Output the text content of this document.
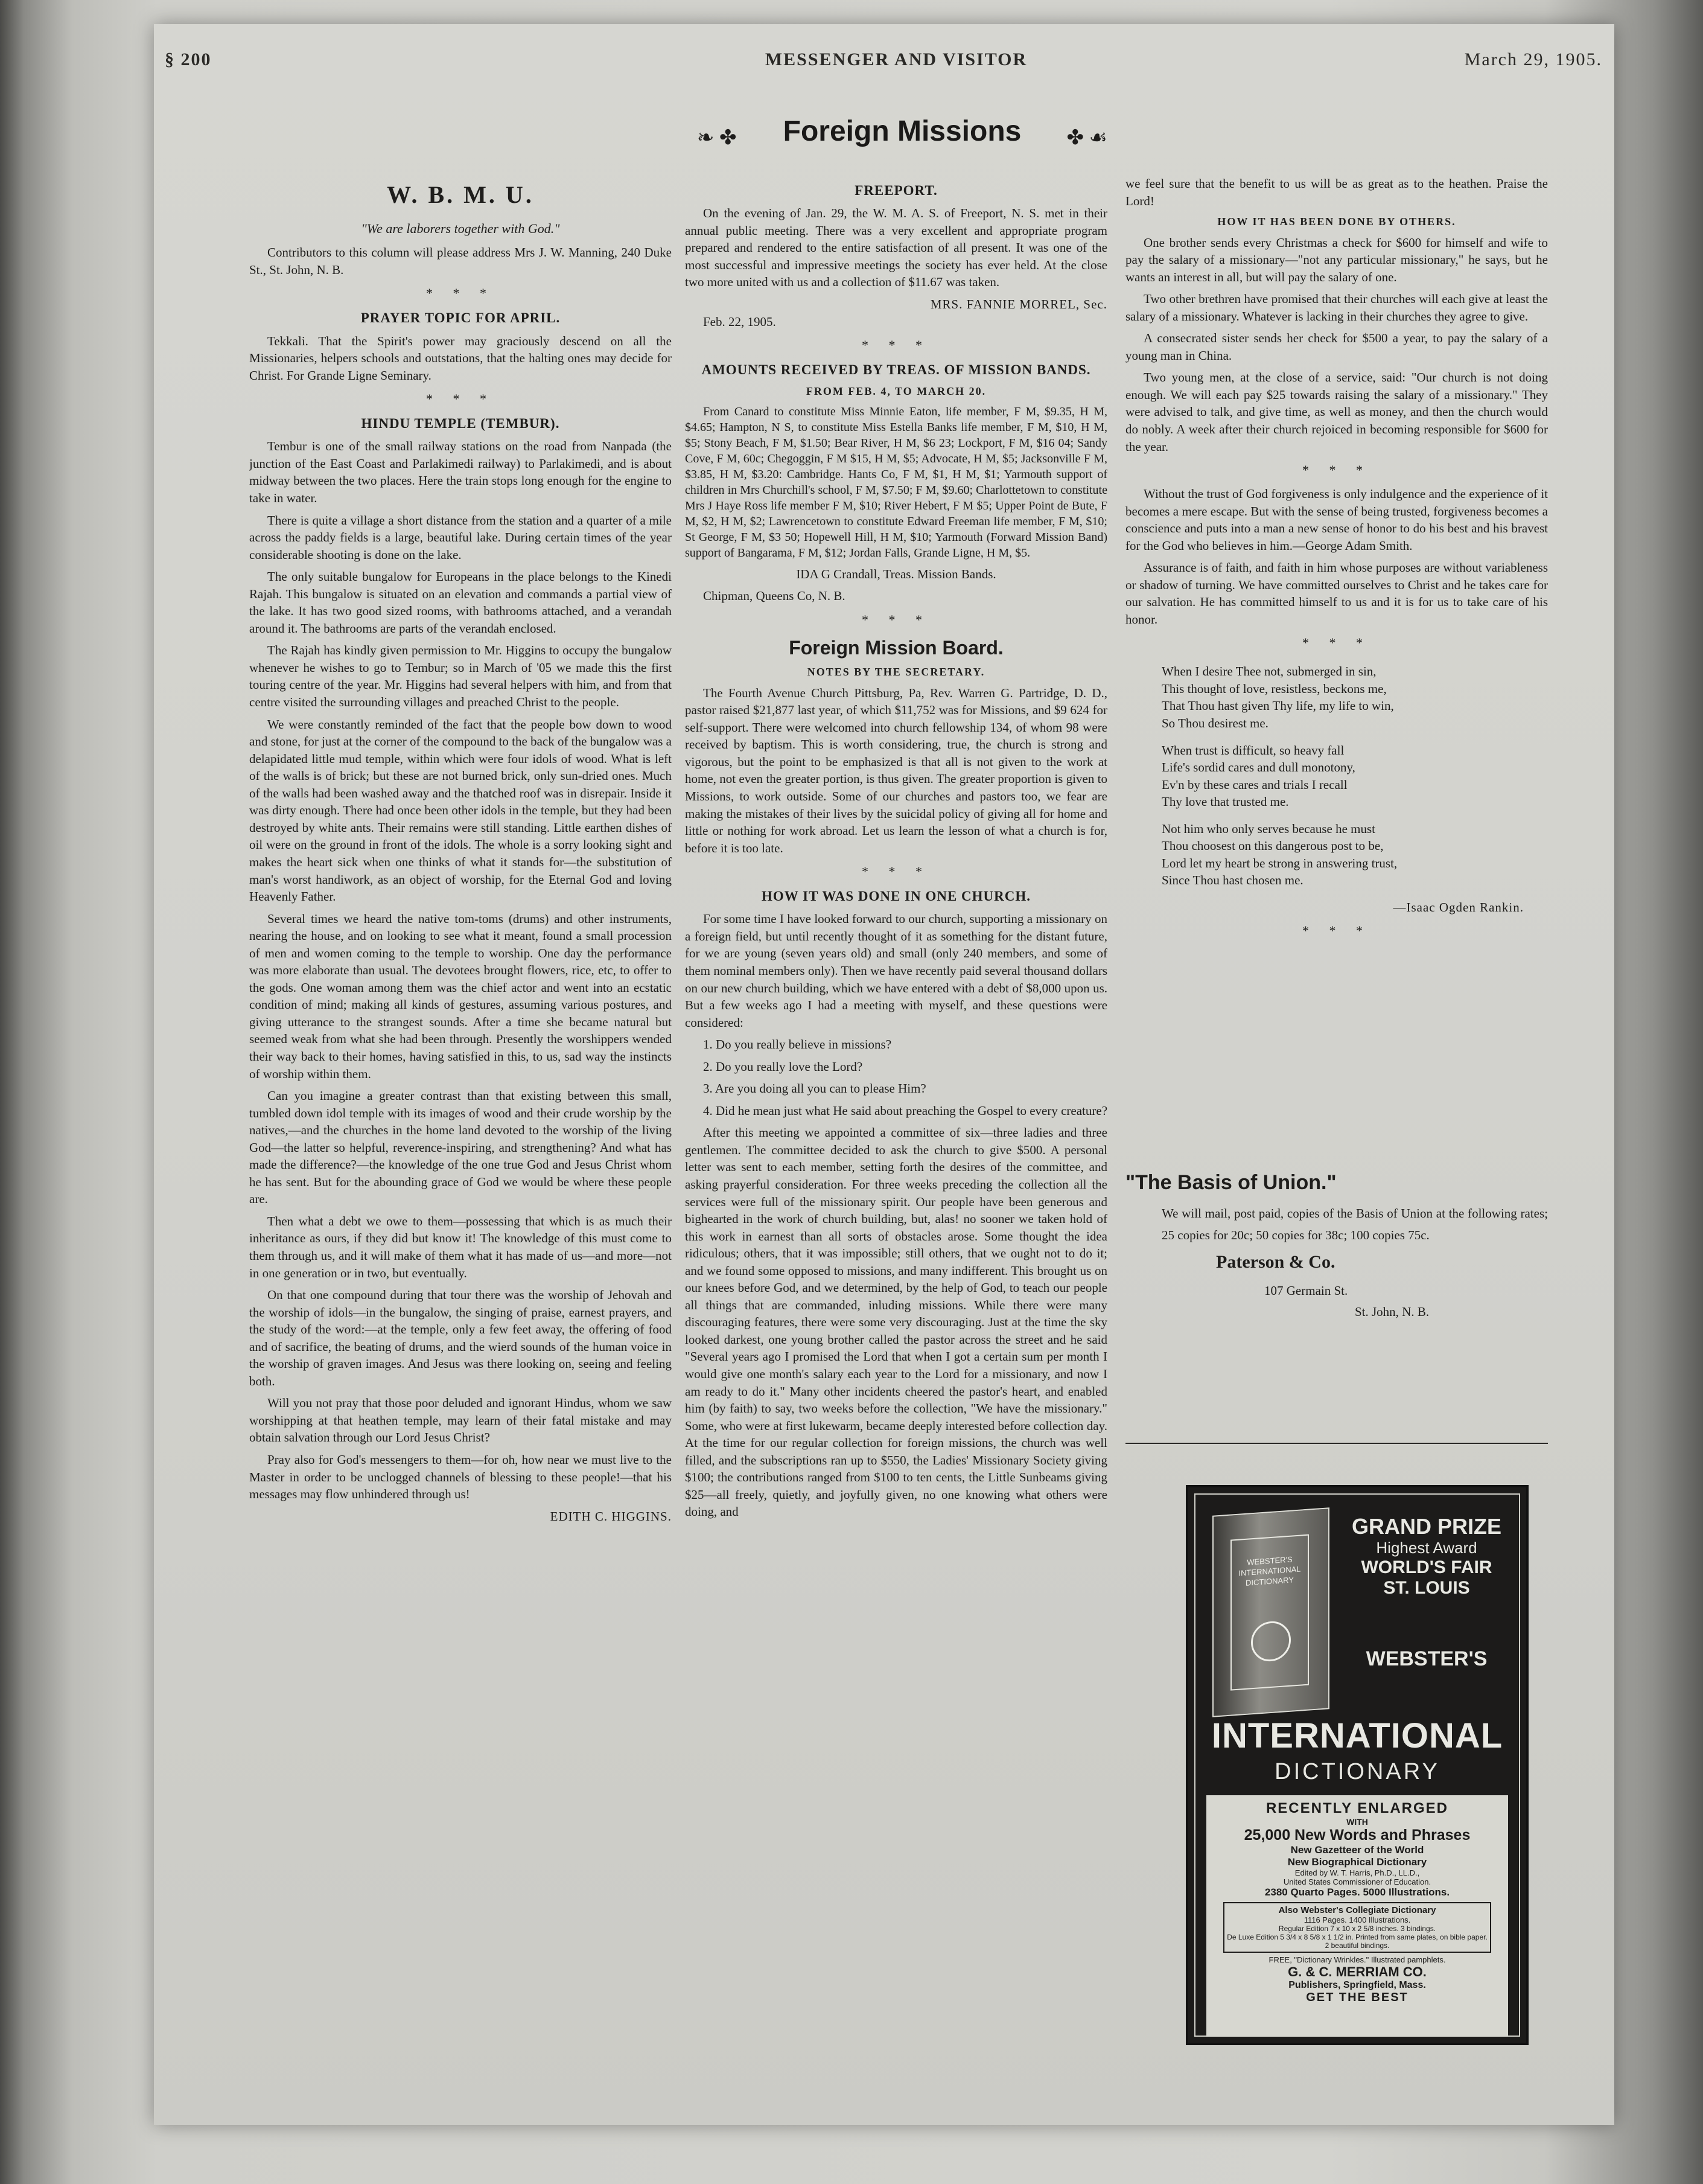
§ 200	MESSENGER AND VISITOR	March 29, 1905.
❧ ✤	Foreign Missions	✤ ☙
W. B. M. U.
"We are laborers together with God."

Contributors to this column will please address Mrs J. W. Manning, 240 Duke St., St. John, N. B.

* * *
PRAYER TOPIC FOR APRIL.

Tekkali. That the Spirit's power may graciously descend on all the Missionaries, helpers schools and outstations, that the halting ones may decide for Christ. For Grande Ligne Seminary.

* * *
HINDU TEMPLE (TEMBUR).

Tembur is one of the small railway stations on the road from Nanpada (the junction of the East Coast and Parlakimedi railway) to Parlakimedi, and is about midway between the two places. Here the train stops long enough for the engine to take in water.

There is quite a village a short distance from the station and a quarter of a mile across the paddy fields is a large, beautiful lake. During certain times of the year considerable shooting is done on the lake.

The only suitable bungalow for Europeans in the place belongs to the Kinedi Rajah. This bungalow is situated on an elevation and commands a partial view of the lake. It has two good sized rooms, with bathrooms attached, and a verandah around it. The bathrooms are parts of the verandah enclosed.

The Rajah has kindly given permission to Mr. Higgins to occupy the bungalow whenever he wishes to go to Tembur; so in March of '05 we made this the first touring centre of the year. Mr. Higgins had several helpers with him, and from that centre visited the surrounding villages and preached Christ to the people.

We were constantly reminded of the fact that the people bow down to wood and stone, for just at the corner of the compound to the back of the bungalow was a delapidated little mud temple, within which were four idols of wood. What is left of the walls is of brick; but these are not burned brick, only sun-dried ones. Much of the walls had been washed away and the thatched roof was in disrepair. Inside it was dirty enough. There had once been other idols in the temple, but they had been destroyed by white ants. Their remains were still standing. Little earthen dishes of oil were on the ground in front of the idols. The whole is a sorry looking sight and makes the heart sick when one thinks of what it stands for—the substitution of man's worst handiwork, as an object of worship, for the Eternal God and loving Heavenly Father.

Several times we heard the native tom-toms (drums) and other instruments, nearing the house, and on looking to see what it meant, found a small procession of men and women coming to the temple to worship. One day the performance was more elaborate than usual. The devotees brought flowers, rice, etc, to offer to the gods. One woman among them was the chief actor and went into an ecstatic condition of mind; making all kinds of gestures, assuming various postures, and giving utterance to the strangest sounds. After a time she became natural but seemed weak from what she had been through. Presently the worshippers wended their way back to their homes, having satisfied in this, to us, sad way the instincts of worship within them.

Can you imagine a greater contrast than that existing between this small, tumbled down idol temple with its images of wood and their crude worship by the natives,—and the churches in the home land devoted to the worship of the living God—the latter so helpful, reverence-inspiring, and strengthening? And what has made the difference?—the knowledge of the one true God and Jesus Christ whom he has sent. But for the abounding grace of God we would be where these people are.

Then what a debt we owe to them—possessing that which is as much their inheritance as ours, if they did but know it! The knowledge of this must come to them through us, and it will make of them what it has made of us—and more—not in one generation or in two, but eventually.

On that one compound during that tour there was the worship of Jehovah and the worship of idols—in the bungalow, the singing of praise, earnest prayers, and the study of the word:—at the temple, only a few feet away, the offering of food and of sacrifice, the beating of drums, and the wierd sounds of the human voice in the worship of graven images. And Jesus was there looking on, seeing and feeling both.

Will you not pray that those poor deluded and ignorant Hindus, whom we saw worshipping at that heathen temple, may learn of their fatal mistake and may obtain salvation through our Lord Jesus Christ?

Pray also for God's messengers to them—for oh, how near we must live to the Master in order to be unclogged channels of blessing to these people!—that his messages may flow unhindered through us!

EDITH C. HIGGINS.
FREEPORT.

On the evening of Jan. 29, the W. M. A. S. of Freeport, N. S. met in their annual public meeting. There was a very excellent and appropriate program prepared and rendered to the entire satisfaction of all present. It was one of the most successful and impressive meetings the society has ever held. At the close two more united with us and a collection of $11.67 was taken.

MRS. FANNIE MORREL, Sec.

Feb. 22, 1905.

* * *
AMOUNTS RECEIVED BY TREAS. OF MISSION BANDS.
FROM FEB. 4, TO MARCH 20.

From Canard to constitute Miss Minnie Eaton, life member, F M, $9.35, H M, $4.65; Hampton, N S, to constitute Miss Estella Banks life member, F M, $10, H M, $5; Stony Beach, F M, $1.50; Bear River, H M, $6 23; Lockport, F M, $16 04; Sandy Cove, F M, 60c; Chegoggin, F M $15, H M, $5; Advocate, H M, $5; Jacksonville F M, $3.85, H M, $3.20: Cambridge. Hants Co, F M, $1, H M, $1; Yarmouth support of children in Mrs Churchill's school, F M, $7.50; F M, $9.60; Charlottetown to constitute Mrs J Haye Ross life member F M, $10; River Hebert, F M $5; Upper Point de Bute, F M, $2, H M, $2; Lawrencetown to constitute Edward Freeman life member, F M, $10; St George, F M, $3 50; Hopewell Hill, H M, $10; Yarmouth (Forward Mission Band) support of Bangarama, F M, $12; Jordan Falls, Grande Ligne, H M, $5.

IDA G Crandall, Treas. Mission Bands.

Chipman, Queens Co, N. B.

* * *
Foreign Mission Board.
NOTES BY THE SECRETARY.

The Fourth Avenue Church Pittsburg, Pa, Rev. Warren G. Partridge, D. D., pastor raised $21,877 last year, of which $11,752 was for Missions, and $9 624 for self-support. There were welcomed into church fellowship 134, of whom 98 were received by baptism. This is worth considering, true, the church is strong and vigorous, but the point to be emphasized is that all is not given to the work at home, not even the greater portion, is thus given. The greater proportion is given to Missions, to work outside. Some of our churches and pastors too, we fear are making the mistakes of their lives by the suicidal policy of giving all for home and little or nothing for work abroad. Let us learn the lesson of what a church is for, before it is too late.

* * *
HOW IT WAS DONE IN ONE CHURCH.

For some time I have looked forward to our church, supporting a missionary on a foreign field, but until recently thought of it as something for the distant future, for we are young (seven years old) and small (only 240 members, and some of them nominal members only). Then we have recently paid several thousand dollars on our new church building, which we have entered with a debt of $8,000 upon us. But a few weeks ago I had a meeting with myself, and these questions were considered:

1. Do you really believe in missions?

2. Do you really love the Lord?

3. Are you doing all you can to please Him?

4. Did he mean just what He said about preaching the Gospel to every creature?

After this meeting we appointed a committee of six—three ladies and three gentlemen. The committee decided to ask the church to give $500. A personal letter was sent to each member, setting forth the desires of the committee, and asking prayerful consideration. For three weeks preceding the collection all the services were full of the missionary spirit. Our people have been generous and bighearted in the work of church building, but, alas! no sooner we taken hold of this work in earnest than all sorts of obstacles arose. Some thought the idea ridiculous; others, that it was impossible; still others, that we ought not to do it; and we found some opposed to missions, and many indifferent. This brought us on our knees before God, and we determined, by the help of God, to teach our people all things that are commanded, inluding missions. While there were many discouraging features, there were some very discouraging. Just at the time the sky looked darkest, one young brother called the pastor across the street and he said "Several years ago I promised the Lord that when I got a certain sum per month I would give one month's salary each year to the Lord for a missionary, and now I am ready to do it." Many other incidents cheered the pastor's heart, and enabled him (by faith) to say, two weeks before the collection, "We have the missionary." Some, who were at first lukewarm, became deeply interested before collection day. At the time for our regular collection for foreign missions, the church was well filled, and the subscriptions ran up to $550, the Ladies' Missionary Society giving $100; the contributions ranged from $100 to ten cents, the Little Sunbeams giving $25—all freely, quietly, and joyfully given, no one knowing what others were doing, and

we feel sure that the benefit to us will be as great as to the heathen. Praise the Lord!

HOW IT HAS BEEN DONE BY OTHERS.

One brother sends every Christmas a check for $600 for himself and wife to pay the salary of a missionary—"not any particular missionary," he says, but he wants an interest in all, but will pay the salary of one.

Two other brethren have promised that their churches will each give at least the salary of a missionary. Whatever is lacking in their churches they agree to give.

A consecrated sister sends her check for $500 a year, to pay the salary of a young man in China.

Two young men, at the close of a service, said: "Our church is not doing enough. We will each pay $25 towards raising the salary of a missionary." They were advised to talk, and give time, as well as money, and then the church would do nobly. A week after their church rejoiced in becoming responsible for $600 for the year.

* * *

Without the trust of God forgiveness is only indulgence and the experience of it becomes a mere escape. But with the sense of being trusted, forgiveness becomes a conscience and puts into a man a new sense of honor to do his best and his bravest for the God who believes in him.—George Adam Smith.

Assurance is of faith, and faith in him whose purposes are without variableness or shadow of turning. We have committed ourselves to Christ and he takes care for our salvation. He has committed himself to us and it is for us to take care of his honor.

* * *

When I desire Thee not, submerged in sin,

This thought of love, resistless, beckons me,

That Thou hast given Thy life, my life to win,

So Thou desirest me.

When trust is difficult, so heavy fall

Life's sordid cares and dull monotony,

Ev'n by these cares and trials I recall

Thy love that trusted me.

Not him who only serves because he must

Thou choosest on this dangerous post to be,

Lord let my heart be strong in answering trust,

Since Thou hast chosen me.

—Isaac Ogden Rankin.
* * *
"The Basis of Union."
We will mail, post paid, copies of the Basis of Union at the following rates; 25 copies for 20c; 50 copies for 38c; 100 copies 75c.
Paterson & Co.
107 Germain St.
St. John, N. B.
WEBSTER'S INTERNATIONAL DICTIONARY
GRAND PRIZE
Highest Award
WORLD'S FAIR
ST. LOUIS
WEBSTER'S
INTERNATIONAL
DICTIONARY
RECENTLY ENLARGED
WITH
25,000 New Words and Phrases
New Gazetteer of the World
New Biographical Dictionary
Edited by W. T. Harris, Ph.D., LL.D.,
United States Commissioner of Education.
2380 Quarto Pages. 5000 Illustrations.
Also Webster's Collegiate Dictionary
1116 Pages. 1400 Illustrations.
Regular Edition 7 x 10 x 2 5/8 inches. 3 bindings.
De Luxe Edition 5 3/4 x 8 5/8 x 1 1/2 in. Printed from same plates, on bible paper. 2 beautiful bindings.
FREE, "Dictionary Wrinkles." Illustrated pamphlets.
G. & C. MERRIAM CO.
Publishers, Springfield, Mass.
GET THE BEST
